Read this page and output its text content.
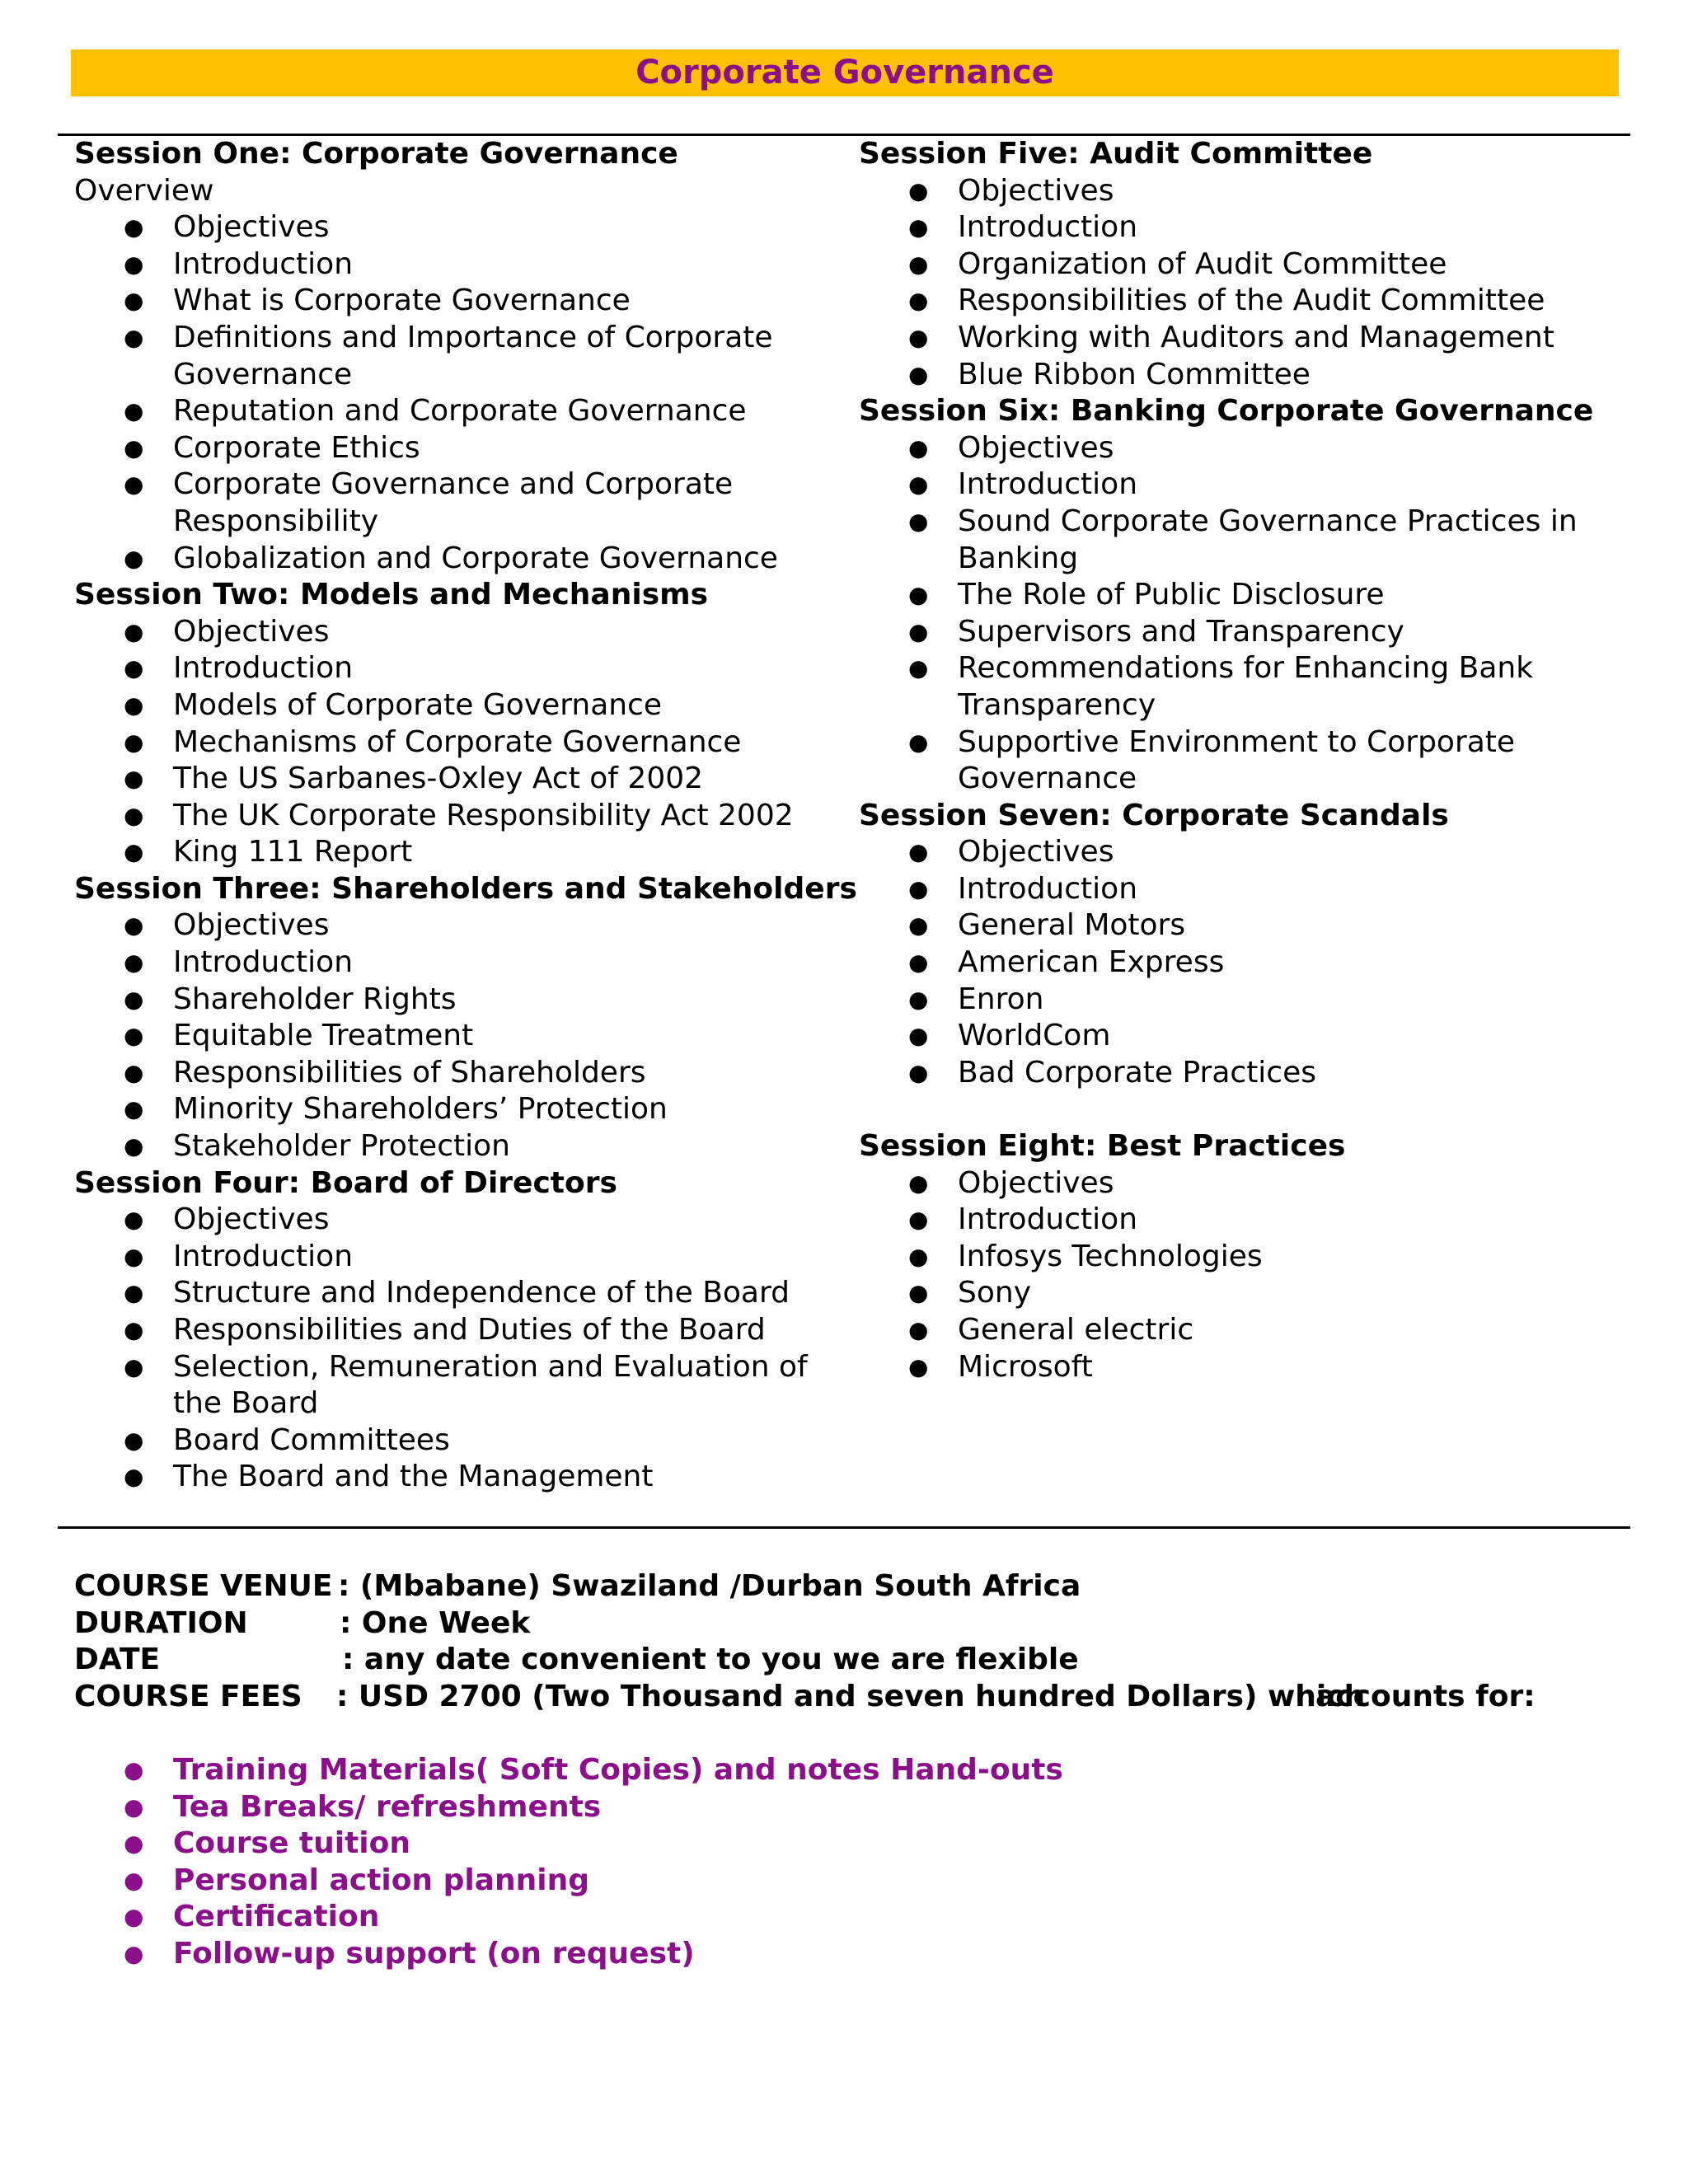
Corporate Governance
Session One: Corporate Governance
Overview
● Objectives
● Introduction
● What is Corporate Governance
● Definitions and Importance of Corporate Governance
● Reputation and Corporate Governance
● Corporate Ethics
● Corporate Governance and Corporate Responsibility
● Globalization and Corporate Governance
Session Two: Models and Mechanisms
● Objectives
● Introduction
● Models of Corporate Governance
● Mechanisms of Corporate Governance
● The US Sarbanes-Oxley Act of 2002
● The UK Corporate Responsibility Act 2002
● King 111 Report
Session Three: Shareholders and Stakeholders
● Objectives
● Introduction
● Shareholder Rights
● Equitable Treatment
● Responsibilities of Shareholders
● Minority Shareholders’ Protection
● Stakeholder Protection
Session Four: Board of Directors
● Objectives
● Introduction
● Structure and Independence of the Board
● Responsibilities and Duties of the Board
● Selection, Remuneration and Evaluation of the Board
● Board Committees
● The Board and the Management
Session Five: Audit Committee
● Objectives
● Introduction
● Organization of Audit Committee
● Responsibilities of the Audit Committee
● Working with Auditors and Management
● Blue Ribbon Committee
Session Six: Banking Corporate Governance
● Objectives
● Introduction
● Sound Corporate Governance Practices in Banking
● The Role of Public Disclosure
● Supervisors and Transparency
● Recommendations for Enhancing Bank Transparency
● Supportive Environment to Corporate Governance
Session Seven: Corporate Scandals
● Objectives
● Introduction
● General Motors
● American Express
● Enron
● WorldCom
● Bad Corporate Practices
Session Eight: Best Practices
● Objectives
● Introduction
● Infosys Technologies
● Sony
● General electric
● Microsoft
COURSE VENUE : (Mbabane) Swaziland /Durban South Africa
DURATION	: One Week
DATE	: any date convenient to you we are flexible
COURSE FEES : USD 2700 (Two Thousand and seven hundred Dollars) which
accounts for:
● Training Materials( Soft Copies) and notes Hand-outs
● Tea Breaks/ refreshments
● Course tuition
● Personal action planning
● Certification
● Follow-up support (on request)
